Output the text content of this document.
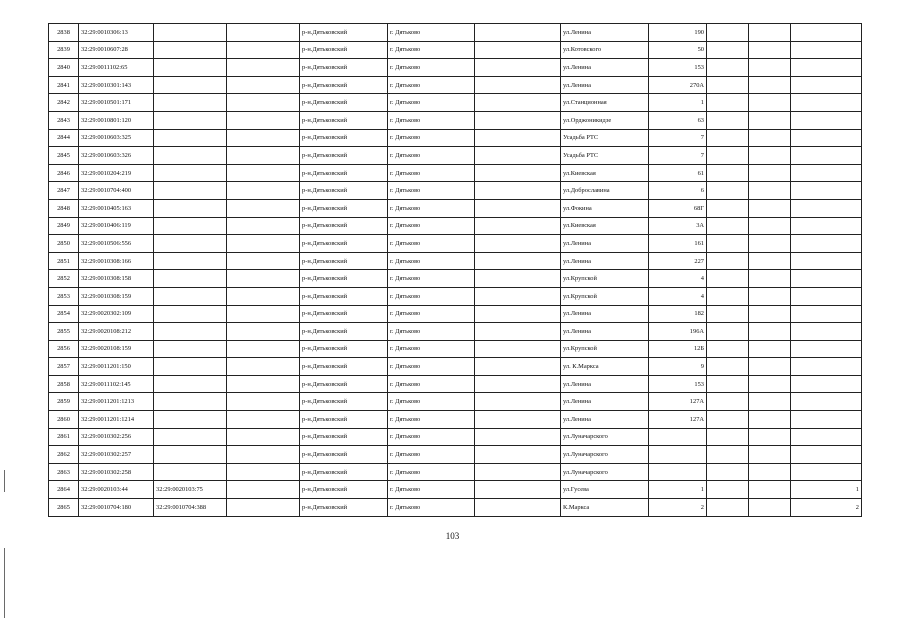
2838	32:29:0010306:13			р-н.Дятьковский	г. Дятьково		ул.Ленина	190			
2839	32:29:0010607:28			р-н.Дятьковский	г. Дятьково		ул.Котовского	50			
2840	32:29:0011102:65			р-н.Дятьковский	г. Дятьково		ул.Ленина	153			
2841	32:29:0010301:143			р-н.Дятьковский	г. Дятьково		ул.Ленина	270А			
2842	32:29:0010501:171			р-н.Дятьковский	г. Дятьково		ул.Станционная	1			
2843	32:29:0010801:120			р-н.Дятьковский	г. Дятьково		ул.Орджоникидзе	63			
2844	32:29:0010603:325			р-н.Дятьковский	г. Дятьково		Усадьба РТС	7			
2845	32:29:0010603:326			р-н.Дятьковский	г. Дятьково		Усадьба РТС	7			
2846	32:29:0010204:219			р-н.Дятьковский	г. Дятьково		ул.Киевская	61			
2847	32:29:0010704:400			р-н.Дятьковский	г. Дятьково		ул.Доброславина	6			
2848	32:29:0010405:163			р-н.Дятьковский	г. Дятьково		ул.Фокина	68Г			
2849	32:29:0010406:119			р-н.Дятьковский	г. Дятьково		ул.Киевская	3А			
2850	32:29:0010506:556			р-н.Дятьковский	г. Дятьково		ул.Ленина	161			
2851	32:29:0010308:166			р-н.Дятьковский	г. Дятьково		ул.Ленина	227			
2852	32:29:0010308:158			р-н.Дятьковский	г. Дятьково		ул.Крупской	4			
2853	32:29:0010308:159			р-н.Дятьковский	г. Дятьково		ул.Крупской	4			
2854	32:29:0020302:109			р-н.Дятьковский	г. Дятьково		ул.Ленина	182			
2855	32:29:0020108:212			р-н.Дятьковский	г. Дятьково		ул.Ленина	196А			
2856	32:29:0020108:159			р-н.Дятьковский	г. Дятьково		ул.Крупской	12Б			
2857	32:29:0011201:150			р-н.Дятьковский	г. Дятьково		ул. К.Маркса	9			
2858	32:29:0011102:145			р-н.Дятьковский	г. Дятьково		ул.Ленина	153			
2859	32:29:0011201:1213			р-н.Дятьковский	г. Дятьково		ул.Ленина	127А			
2860	32:29:0011201:1214			р-н.Дятьковский	г. Дятьково		ул.Ленина	127А			
2861	32:29:0010302:256			р-н.Дятьковский	г. Дятьково		ул.Луначарского				
2862	32:29:0010302:257			р-н.Дятьковский	г. Дятьково		ул.Луначарского				
2863	32:29:0010302:258			р-н.Дятьковский	г. Дятьково		ул.Луначарского				
2864	32:29:0020103:44	32:29:0020103:75		р-н.Дятьковский	г. Дятьково		ул.Гусева	1			1
2865	32:29:0010704:180	32:29:0010704:388		р-н.Дятьковский	г. Дятьково		К.Маркса	2			2
103
